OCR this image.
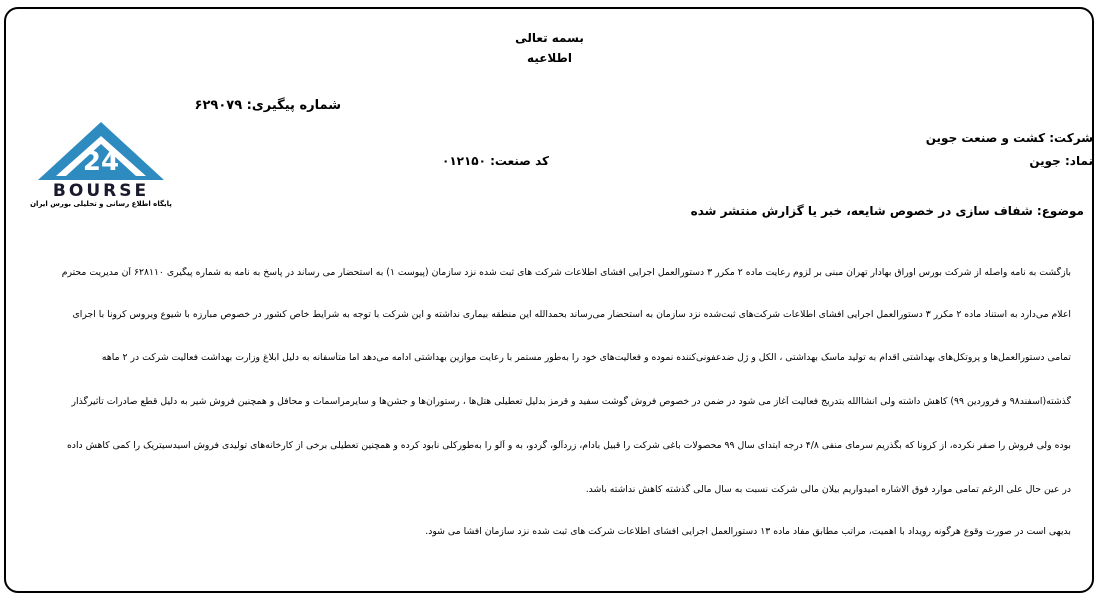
بسمه تعالی
اطلاعیه
شماره پیگیری: ۶۲۹۰۷۹
24
BOURSE
پایگاه اطلاع رسانی و تحلیلی بورس ایران
شرکت: کشت و صنعت جوین
نماد: جوین
کد صنعت: ۰۱۲۱۵۰
موضوع: شفاف سازی در خصوص شایعه، خبر یا گزارش منتشر شده
بازگشت به نامه واصله از شرکت بورس اوراق بهادار تهران مبنی بر لزوم رعایت ماده ۲ مکرر ۳ دستورالعمل اجرایی افشای اطلاعات شرکت های ثبت شده نزد سازمان (پیوست ۱) به استحضار می رساند در پاسخ به نامه به شماره پیگیری ۶۲۸۱۱۰ آن مدیریت محترم
اعلام می‌دارد به استناد ماده ۲ مکرر ۳ دستورالعمل اجرایی افشای اطلاعات شرکت‌های ثبت‌شده نزد سازمان به استحضار می‌رساند بحمدالله این منطقه بیماری نداشته و این شرکت با توجه به شرایط خاص کشور در خصوص مبارزه با شیوع ویروس کرونا با اجرای
تمامی دستورالعمل‌ها و پروتکل‌های بهداشتی اقدام به تولید ماسک بهداشتی ، الکل و ژل ضدعفونی‌کننده نموده و فعالیت‌های خود را به‌طور مستمر با رعایت موازین بهداشتی ادامه می‌دهد اما متأسفانه به دلیل ابلاغ وزارت بهداشت فعالیت شرکت در ۲ ماهه
گذشته(اسفند۹۸ و فروردین ۹۹) کاهش داشته ولی انشاالله بتدریج فعالیت آغاز می شود در ضمن در خصوص فروش گوشت سفید و قرمز بدلیل تعطیلی هتل‌ها ، رستوران‌ها و جشن‌ها و سایرمراسمات و محافل و همچنین فروش شیر به دلیل قطع صادرات تأثیرگذار
بوده ولی فروش را صفر نکرده، از کرونا که بگذریم سرمای منفی ۴/۸ درجه ابتدای سال ۹۹ محصولات باغی شرکت را قبیل بادام، زردآلو، گردو، به و آلو را به‌طورکلی نابود کرده و همچنین تعطیلی برخی از کارخانه‌های تولیدی فروش اسیدسیتریک را کمی کاهش داده
در عین حال علی الرغم تمامی موارد فوق الاشاره امیدواریم بیلان مالی شرکت نسبت به سال مالی گذشته کاهش نداشته باشد.
بدیهی است در صورت وقوع هرگونه رویداد با اهمیت، مراتب مطابق مفاد ماده ۱۳ دستورالعمل اجرایی افشای اطلاعات شرکت های ثبت شده نزد سازمان افشا می شود.
